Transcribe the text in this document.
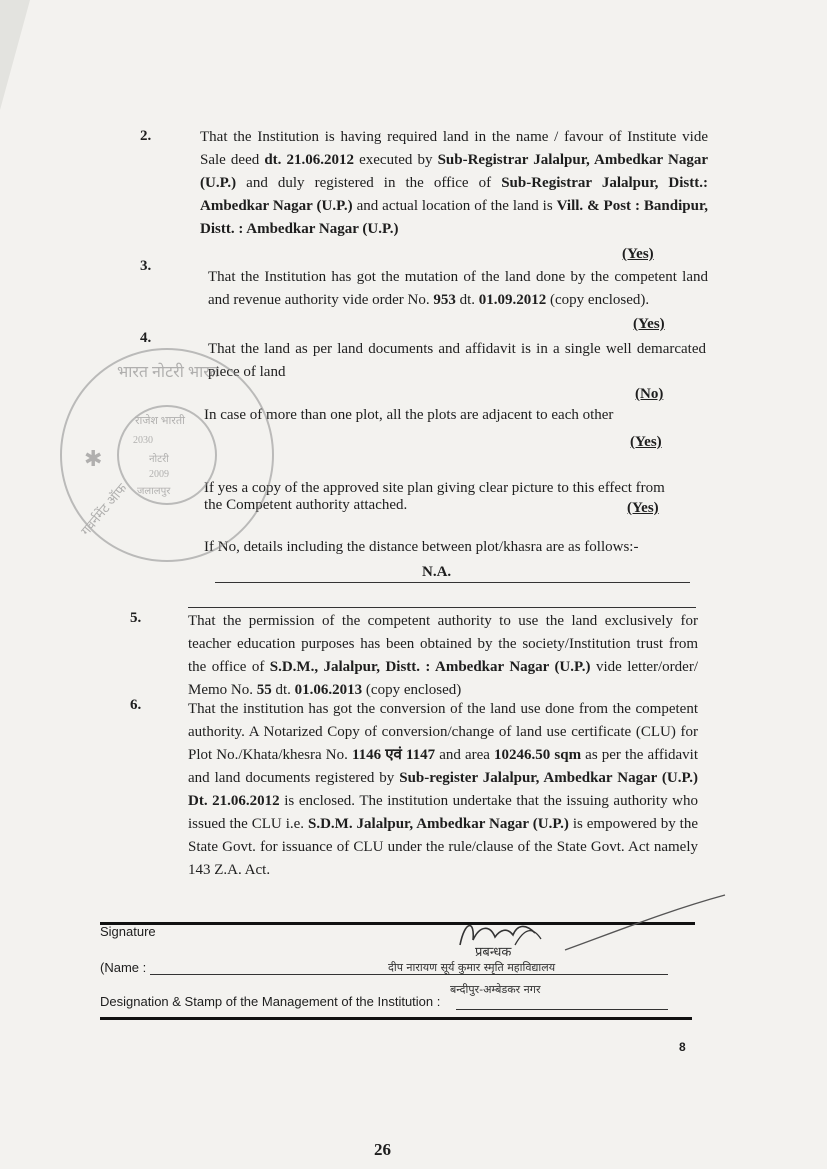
2.	That the Institution is having required land in the name / favour of Institute vide Sale deed dt. 21.06.2012 executed by Sub-Registrar Jalalpur, Ambedkar Nagar (U.P.) and duly registered in the office of Sub-Registrar Jalalpur, Distt.: Ambedkar Nagar (U.P.) and actual location of the land is Vill. & Post : Bandipur, Distt. : Ambedkar Nagar (U.P.)
(Yes)
3.
That the Institution has got the mutation of the land done by the competent land and revenue authority vide order No. 953 dt. 01.09.2012 (copy enclosed).
(Yes)
4.
That the land as per land documents and affidavit is in a single well demarcated piece of land
(No)
In case of more than one plot, all the plots are adjacent to each other
(Yes)
If yes a copy of the approved site plan giving clear picture to this effect from
the Competent authority attached.	(Yes)
If No, details including the distance between plot/khasra are as follows:-
N.A.
5.	That the permission of the competent authority to use the land exclusively for teacher education purposes has been obtained by the society/Institution trust from the office of S.D.M., Jalalpur, Distt. : Ambedkar Nagar (U.P.) vide letter/order/ Memo No. 55 dt. 01.06.2013 (copy enclosed)
6.	That the institution has got the conversion of the land use done from the competent authority. A Notarized Copy of conversion/change of land use certificate (CLU) for Plot No./Khata/khesra No. 1146 एवं 1147 and area 10246.50 sqm as per the affidavit and land documents registered by Sub-register Jalalpur, Ambedkar Nagar (U.P.) Dt. 21.06.2012 is enclosed. The institution undertake that the issuing authority who issued the CLU i.e. S.D.M. Jalalpur, Ambedkar Nagar (U.P.) is empowered by the State Govt. for issuance of CLU under the rule/clause of the State Govt. Act namely 143 Z.A. Act.
भारत नोटरी भारत
गवर्नमेंट ऑफ
✱
राजेश भारती
2030
नोटरी
2009
जलालपुर
Signature
प्रबन्धक
(Name :	दीप नारायण सूर्य कुमार स्मृति महाविद्यालय
बन्दीपुर-अम्बेडकर नगर
Designation & Stamp of the Management of the Institution :
8
26
